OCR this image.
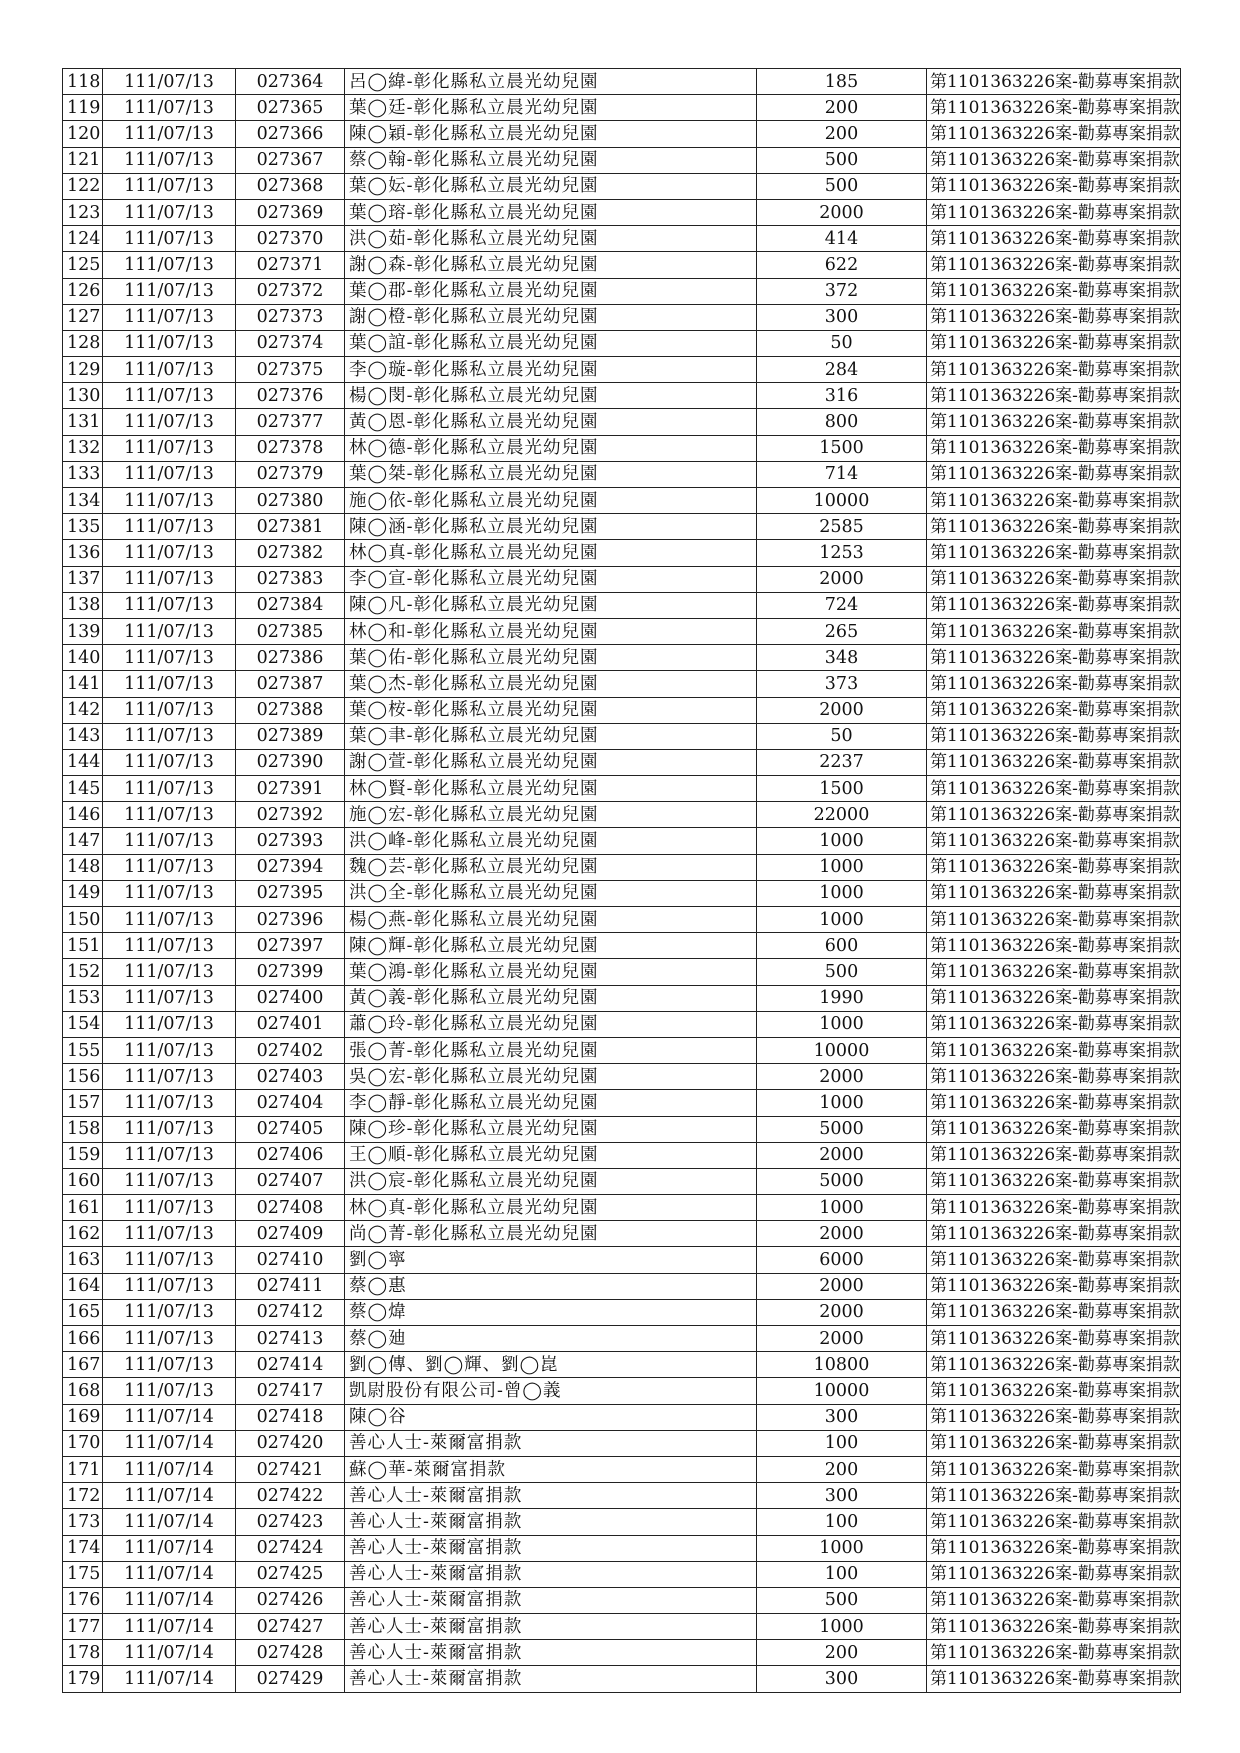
118	111/07/13	027364	呂◯緯-彰化縣私立晨光幼兒園	185	第1101363226案-勸募專案捐款
119	111/07/13	027365	葉◯廷-彰化縣私立晨光幼兒園	200	第1101363226案-勸募專案捐款
120	111/07/13	027366	陳◯穎-彰化縣私立晨光幼兒園	200	第1101363226案-勸募專案捐款
121	111/07/13	027367	蔡◯翰-彰化縣私立晨光幼兒園	500	第1101363226案-勸募專案捐款
122	111/07/13	027368	葉◯妘-彰化縣私立晨光幼兒園	500	第1101363226案-勸募專案捐款
123	111/07/13	027369	葉◯瑢-彰化縣私立晨光幼兒園	2000	第1101363226案-勸募專案捐款
124	111/07/13	027370	洪◯茹-彰化縣私立晨光幼兒園	414	第1101363226案-勸募專案捐款
125	111/07/13	027371	謝◯森-彰化縣私立晨光幼兒園	622	第1101363226案-勸募專案捐款
126	111/07/13	027372	葉◯郡-彰化縣私立晨光幼兒園	372	第1101363226案-勸募專案捐款
127	111/07/13	027373	謝◯橙-彰化縣私立晨光幼兒園	300	第1101363226案-勸募專案捐款
128	111/07/13	027374	葉◯誼-彰化縣私立晨光幼兒園	50	第1101363226案-勸募專案捐款
129	111/07/13	027375	李◯璇-彰化縣私立晨光幼兒園	284	第1101363226案-勸募專案捐款
130	111/07/13	027376	楊◯閔-彰化縣私立晨光幼兒園	316	第1101363226案-勸募專案捐款
131	111/07/13	027377	黃◯恩-彰化縣私立晨光幼兒園	800	第1101363226案-勸募專案捐款
132	111/07/13	027378	林◯德-彰化縣私立晨光幼兒園	1500	第1101363226案-勸募專案捐款
133	111/07/13	027379	葉◯桀-彰化縣私立晨光幼兒園	714	第1101363226案-勸募專案捐款
134	111/07/13	027380	施◯依-彰化縣私立晨光幼兒園	10000	第1101363226案-勸募專案捐款
135	111/07/13	027381	陳◯涵-彰化縣私立晨光幼兒園	2585	第1101363226案-勸募專案捐款
136	111/07/13	027382	林◯真-彰化縣私立晨光幼兒園	1253	第1101363226案-勸募專案捐款
137	111/07/13	027383	李◯宣-彰化縣私立晨光幼兒園	2000	第1101363226案-勸募專案捐款
138	111/07/13	027384	陳◯凡-彰化縣私立晨光幼兒園	724	第1101363226案-勸募專案捐款
139	111/07/13	027385	林◯和-彰化縣私立晨光幼兒園	265	第1101363226案-勸募專案捐款
140	111/07/13	027386	葉◯佑-彰化縣私立晨光幼兒園	348	第1101363226案-勸募專案捐款
141	111/07/13	027387	葉◯杰-彰化縣私立晨光幼兒園	373	第1101363226案-勸募專案捐款
142	111/07/13	027388	葉◯桉-彰化縣私立晨光幼兒園	2000	第1101363226案-勸募專案捐款
143	111/07/13	027389	葉◯聿-彰化縣私立晨光幼兒園	50	第1101363226案-勸募專案捐款
144	111/07/13	027390	謝◯萱-彰化縣私立晨光幼兒園	2237	第1101363226案-勸募專案捐款
145	111/07/13	027391	林◯賢-彰化縣私立晨光幼兒園	1500	第1101363226案-勸募專案捐款
146	111/07/13	027392	施◯宏-彰化縣私立晨光幼兒園	22000	第1101363226案-勸募專案捐款
147	111/07/13	027393	洪◯峰-彰化縣私立晨光幼兒園	1000	第1101363226案-勸募專案捐款
148	111/07/13	027394	魏◯芸-彰化縣私立晨光幼兒園	1000	第1101363226案-勸募專案捐款
149	111/07/13	027395	洪◯全-彰化縣私立晨光幼兒園	1000	第1101363226案-勸募專案捐款
150	111/07/13	027396	楊◯燕-彰化縣私立晨光幼兒園	1000	第1101363226案-勸募專案捐款
151	111/07/13	027397	陳◯輝-彰化縣私立晨光幼兒園	600	第1101363226案-勸募專案捐款
152	111/07/13	027399	葉◯鴻-彰化縣私立晨光幼兒園	500	第1101363226案-勸募專案捐款
153	111/07/13	027400	黃◯義-彰化縣私立晨光幼兒園	1990	第1101363226案-勸募專案捐款
154	111/07/13	027401	蕭◯玲-彰化縣私立晨光幼兒園	1000	第1101363226案-勸募專案捐款
155	111/07/13	027402	張◯菁-彰化縣私立晨光幼兒園	10000	第1101363226案-勸募專案捐款
156	111/07/13	027403	吳◯宏-彰化縣私立晨光幼兒園	2000	第1101363226案-勸募專案捐款
157	111/07/13	027404	李◯靜-彰化縣私立晨光幼兒園	1000	第1101363226案-勸募專案捐款
158	111/07/13	027405	陳◯珍-彰化縣私立晨光幼兒園	5000	第1101363226案-勸募專案捐款
159	111/07/13	027406	王◯順-彰化縣私立晨光幼兒園	2000	第1101363226案-勸募專案捐款
160	111/07/13	027407	洪◯宸-彰化縣私立晨光幼兒園	5000	第1101363226案-勸募專案捐款
161	111/07/13	027408	林◯真-彰化縣私立晨光幼兒園	1000	第1101363226案-勸募專案捐款
162	111/07/13	027409	尚◯菁-彰化縣私立晨光幼兒園	2000	第1101363226案-勸募專案捐款
163	111/07/13	027410	劉◯寧	6000	第1101363226案-勸募專案捐款
164	111/07/13	027411	蔡◯惠	2000	第1101363226案-勸募專案捐款
165	111/07/13	027412	蔡◯煒	2000	第1101363226案-勸募專案捐款
166	111/07/13	027413	蔡◯廸	2000	第1101363226案-勸募專案捐款
167	111/07/13	027414	劉◯傳、劉◯輝、劉◯崑	10800	第1101363226案-勸募專案捐款
168	111/07/13	027417	凱尉股份有限公司-曾◯義	10000	第1101363226案-勸募專案捐款
169	111/07/14	027418	陳◯谷	300	第1101363226案-勸募專案捐款
170	111/07/14	027420	善心人士-萊爾富捐款	100	第1101363226案-勸募專案捐款
171	111/07/14	027421	蘇◯華-萊爾富捐款	200	第1101363226案-勸募專案捐款
172	111/07/14	027422	善心人士-萊爾富捐款	300	第1101363226案-勸募專案捐款
173	111/07/14	027423	善心人士-萊爾富捐款	100	第1101363226案-勸募專案捐款
174	111/07/14	027424	善心人士-萊爾富捐款	1000	第1101363226案-勸募專案捐款
175	111/07/14	027425	善心人士-萊爾富捐款	100	第1101363226案-勸募專案捐款
176	111/07/14	027426	善心人士-萊爾富捐款	500	第1101363226案-勸募專案捐款
177	111/07/14	027427	善心人士-萊爾富捐款	1000	第1101363226案-勸募專案捐款
178	111/07/14	027428	善心人士-萊爾富捐款	200	第1101363226案-勸募專案捐款
179	111/07/14	027429	善心人士-萊爾富捐款	300	第1101363226案-勸募專案捐款
